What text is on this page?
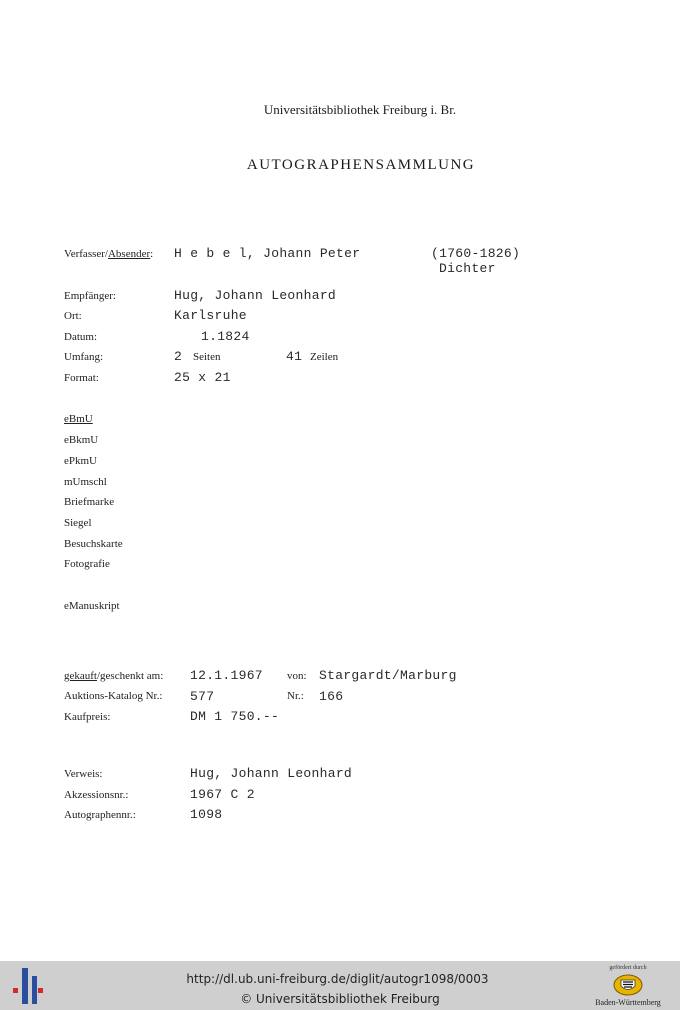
Universitätsbibliothek Freiburg i. Br.
AUTOGRAPHENSAMMLUNG
Verfasser/Absender: H e b e l, Johann Peter	(1760-1826)
Dichter
Empfänger:	Hug, Johann Leonhard
Ort:	Karlsruhe
Datum:	1.1824
Umfang:	2 Seiten	41 Zeilen
Format:	25 x 21
eBmU
eBkmU
ePkmU
mUmschl
Briefmarke
Siegel
Besuchskarte
Fotografie
eManuskript
gekauft/geschenkt am: 12.1.1967 von: Stargardt/Marburg
Auktions-Katalog Nr.: 577	Nr.: 166
Kaufpreis:	DM 1 750.--
Verweis:	Hug, Johann Leonhard
Akzessionsnr.:	1967 C 2
Autographennr.:	1098
http://dl.ub.uni-freiburg.de/diglit/autogr1098/0003
© Universitätsbibliothek Freiburg
gefördert durch
Baden-Württemberg
